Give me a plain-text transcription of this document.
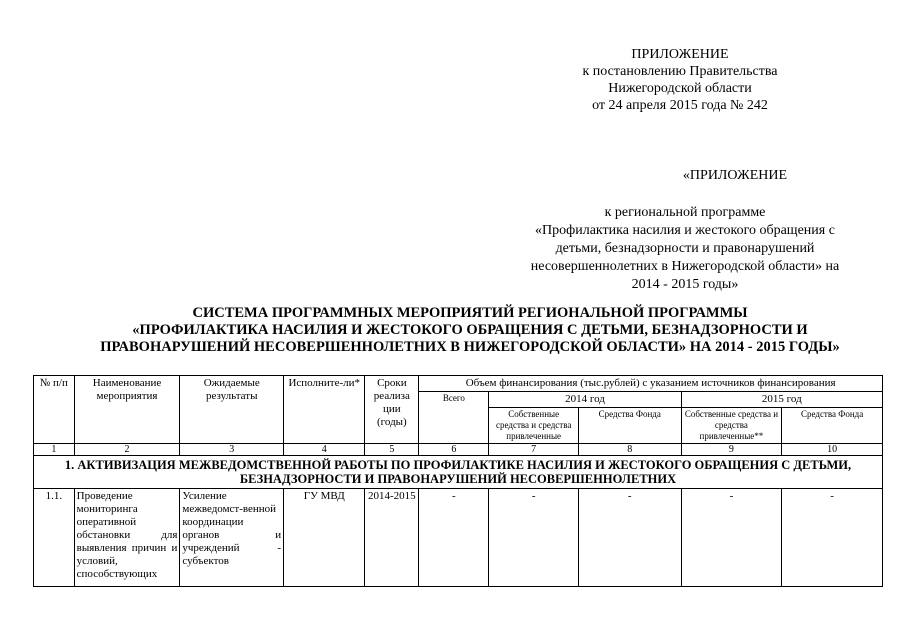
ПРИЛОЖЕНИЕ
к постановлению Правительства
Нижегородской области
от 24 апреля 2015 года № 242
«ПРИЛОЖЕНИЕ
к региональной программе
«Профилактика насилия и жестокого обращения с
детьми, безнадзорности и правонарушений
несовершеннолетних в Нижегородской области» на
2014 - 2015 годы»
СИСТЕМА ПРОГРАММНЫХ МЕРОПРИЯТИЙ РЕГИОНАЛЬНОЙ ПРОГРАММЫ
«ПРОФИЛАКТИКА НАСИЛИЯ И ЖЕСТОКОГО ОБРАЩЕНИЯ С ДЕТЬМИ, БЕЗНАДЗОРНОСТИ И
ПРАВОНАРУШЕНИЙ НЕСОВЕРШЕННОЛЕТНИХ В НИЖЕГОРОДСКОЙ ОБЛАСТИ» НА 2014 - 2015 ГОДЫ»
№ п/п	Наименование мероприятия	Ожидаемые результаты	Исполните-ли*	Сроки реализа ции (годы)	Объем финансирования (тыс.рублей) с указанием источников финансирования				
					Всего	2014 год		2015 год	
						Собственные средства и средства привлеченные	Средства Фонда	Собственные средства и средства привлеченные**	Средства Фонда
1	2	3	4	5	6	7	8	9	10
1. АКТИВИЗАЦИЯ МЕЖВЕДОМСТВЕННОЙ РАБОТЫ ПО ПРОФИЛАКТИКЕ НАСИЛИЯ И ЖЕСТОКОГО ОБРАЩЕНИЯ С ДЕТЬМИ, БЕЗНАДЗОРНОСТИ И ПРАВОНАРУШЕНИЙ НЕСОВЕРШЕННОЛЕТНИХ									
1.1.	Проведение мониторинга оперативной обстановки для выявления причин и условий, способствующих	Усиление межведомст-венной координации органов и учреждений - субъектов	ГУ МВД	2014-2015	-	-	-	-	-
